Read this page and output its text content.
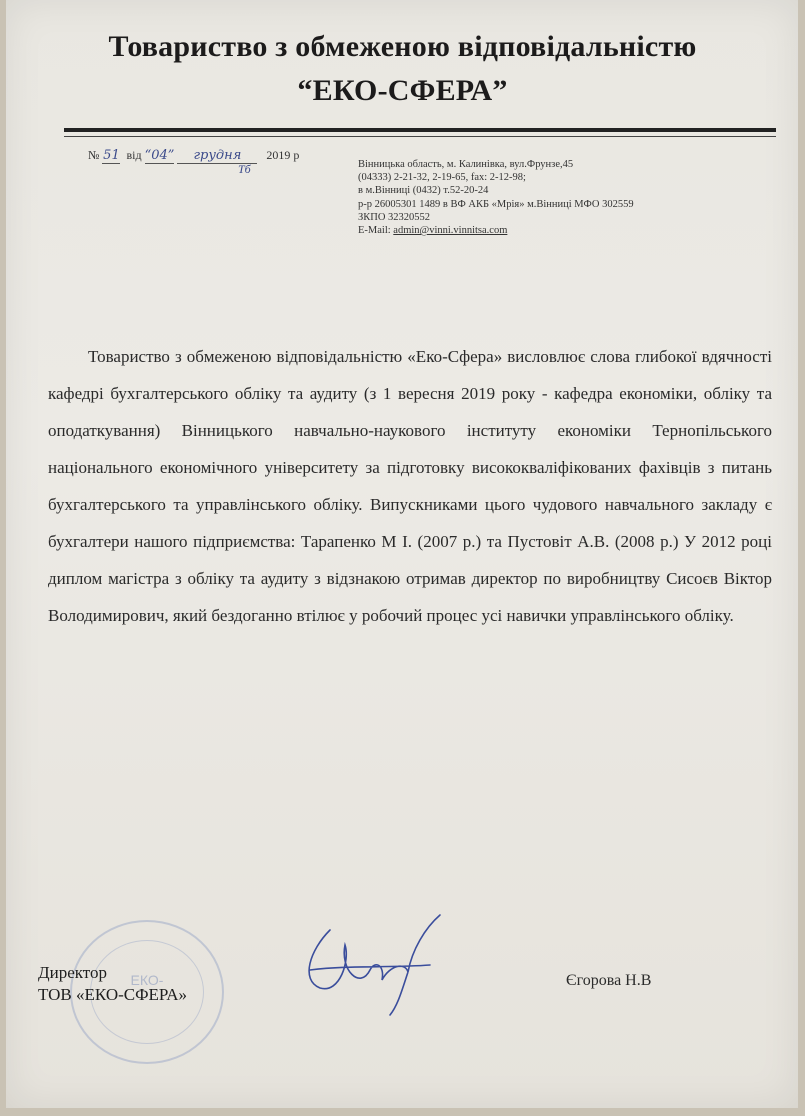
Товариство з обмеженою відповідальністю
“ЕКО-СФЕРА”
№ 51 від “04” грудня 2019 р
Тб	Вінницька область, м. Калинівка, вул.Фрунзе,45
(04333) 2-21-32, 2-19-65, fax: 2-12-98;
в м.Вінниці (0432) т.52-20-24
р-р 26005301 1489 в ВФ АКБ «Мрія» м.Вінниці МФО 302559
ЗКПО 32320552
E-Mail: admin@vinni.vinnitsa.com

Товариство з обмеженою відповідальністю «Еко-Сфера» висловлює слова глибокої вдячності кафедрі бухгалтерського обліку та аудиту (з 1 вересня 2019 року - кафедра економіки, обліку та оподаткування) Вінницького навчально-наукового інституту економіки Тернопільського національного економічного університету за підготовку висококваліфікованих фахівців з питань бухгалтерського та управлінського обліку. Випускниками цього чудового навчального закладу є бухгалтери нашого підприємства: Тарапенко М І. (2007 р.) та Пустовіт А.В. (2008 р.) У 2012 році диплом магістра з обліку та аудиту з відзнакою отримав директор по виробництву Сисоєв Віктор Володимирович, який бездоганно втілює у робочий процес усі навички управлінського обліку.

ЕКО-
Директор
ТОВ «ЕКО-СФЕРА»
Єгорова Н.В
